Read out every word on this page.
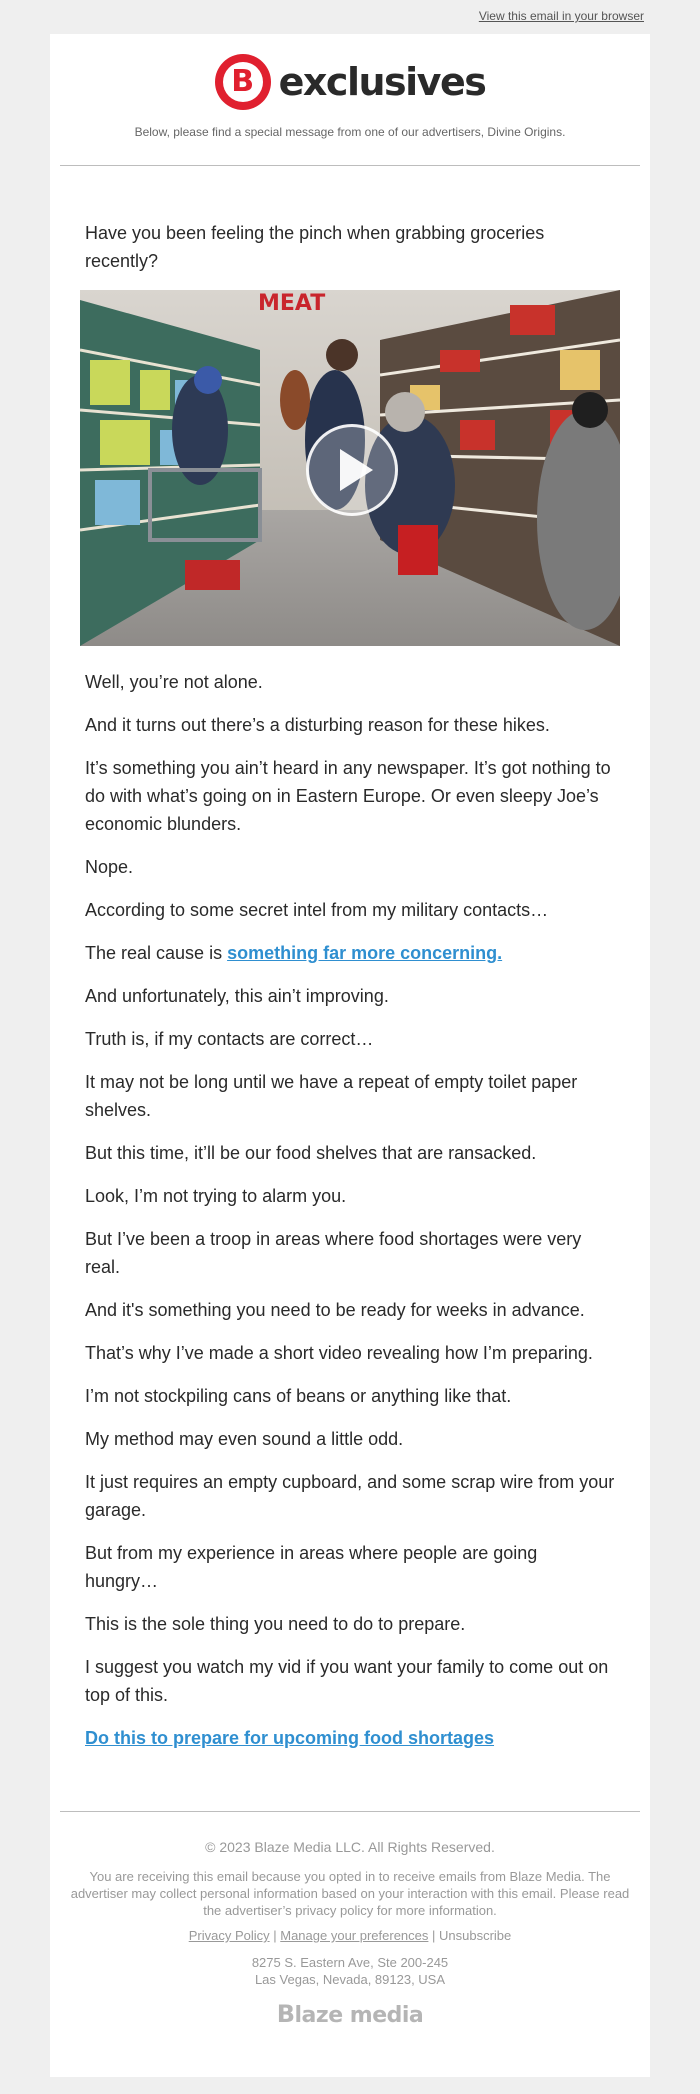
View this email in your browser
B exclusives
Below, please find a special message from one of our advertisers, Divine Origins.

Have you been feeling the pinch when grabbing groceries recently?

MEAT

Well, you’re not alone.

And it turns out there’s a disturbing reason for these hikes.

It’s something you ain’t heard in any newspaper. It’s got nothing to do with what’s going on in Eastern Europe. Or even sleepy Joe’s economic blunders.

Nope.

According to some secret intel from my military contacts…

The real cause is something far more concerning.

And unfortunately, this ain’t improving.

Truth is, if my contacts are correct…

It may not be long until we have a repeat of empty toilet paper shelves.

But this time, it’ll be our food shelves that are ransacked.

Look, I’m not trying to alarm you.

But I’ve been a troop in areas where food shortages were very real.

And it's something you need to be ready for weeks in advance.

That’s why I’ve made a short video revealing how I’m preparing.

I’m not stockpiling cans of beans or anything like that.

My method may even sound a little odd.

It just requires an empty cupboard, and some scrap wire from your garage.

But from my experience in areas where people are going hungry…

This is the sole thing you need to do to prepare.

I suggest you watch my vid if you want your family to come out on top of this.

Do this to prepare for upcoming food shortages

© 2023 Blaze Media LLC. All Rights Reserved.
You are receiving this email because you opted in to receive emails from Blaze Media. The advertiser may collect personal information based on your interaction with this email. Please read the advertiser’s privacy policy for more information.
Privacy Policy | Manage your preferences | Unsubscribe
8275 S. Eastern Ave, Ste 200-245
Las Vegas, Nevada, 89123, USA
Blaze media
